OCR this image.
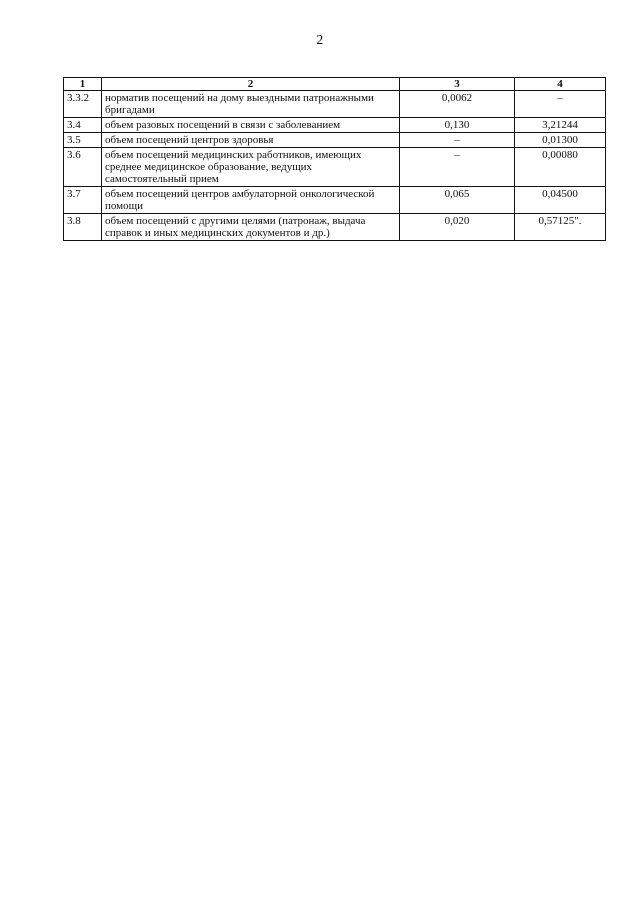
2
1	2	3	4
3.3.2	норматив посещений на дому выездными патронажными бригадами	0,0062	–
3.4	объем разовых посещений в связи с заболеванием	0,130	3,21244
3.5	объем посещений центров здоровья	–	0,01300
3.6	объем посещений медицинских работников, имеющих среднее медицинское образование, ведущих самостоятельный прием	–	0,00080
3.7	объем посещений центров амбулаторной онкологической помощи	0,065	0,04500
3.8	объем посещений с другими целями (патронаж, выдача справок и иных медицинских документов и др.)	0,020	0,57125".
